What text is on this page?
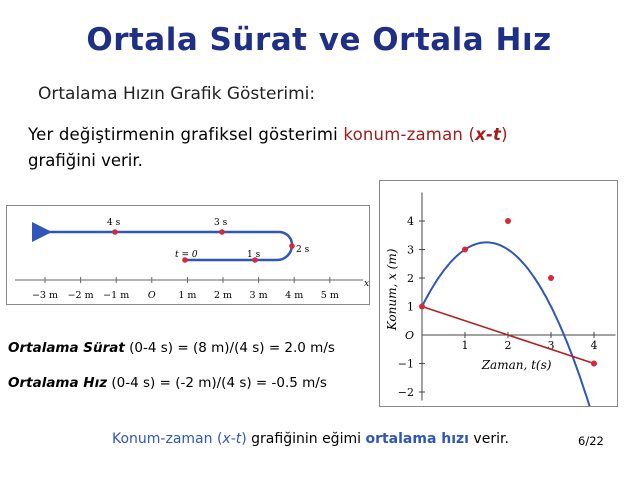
Ortala Sürat ve Ortala Hız
Ortalama Hızın Grafik Gösterimi:
Yer değiştirmenin grafiksel gösterimi konum-zaman (x-t)
grafiğini verir.
−3 m −2 m −1 m O 1 m 2 m 3 m 4 m 5 m
4 s	3 s
t = 0	1 s	2 s
x
1	2	3	4
4
3
2
1
−1
−2
O
Zaman, t(s)
Konum, x (m)
Ortalama Sürat (0-4 s) = (8 m)/(4 s) = 2.0 m/s
Ortalama Hız (0-4 s) = (-2 m)/(4 s) = -0.5 m/s
Konum-zaman (x-t) grafiğinin eğimi ortalama hızı verir.	6/22
